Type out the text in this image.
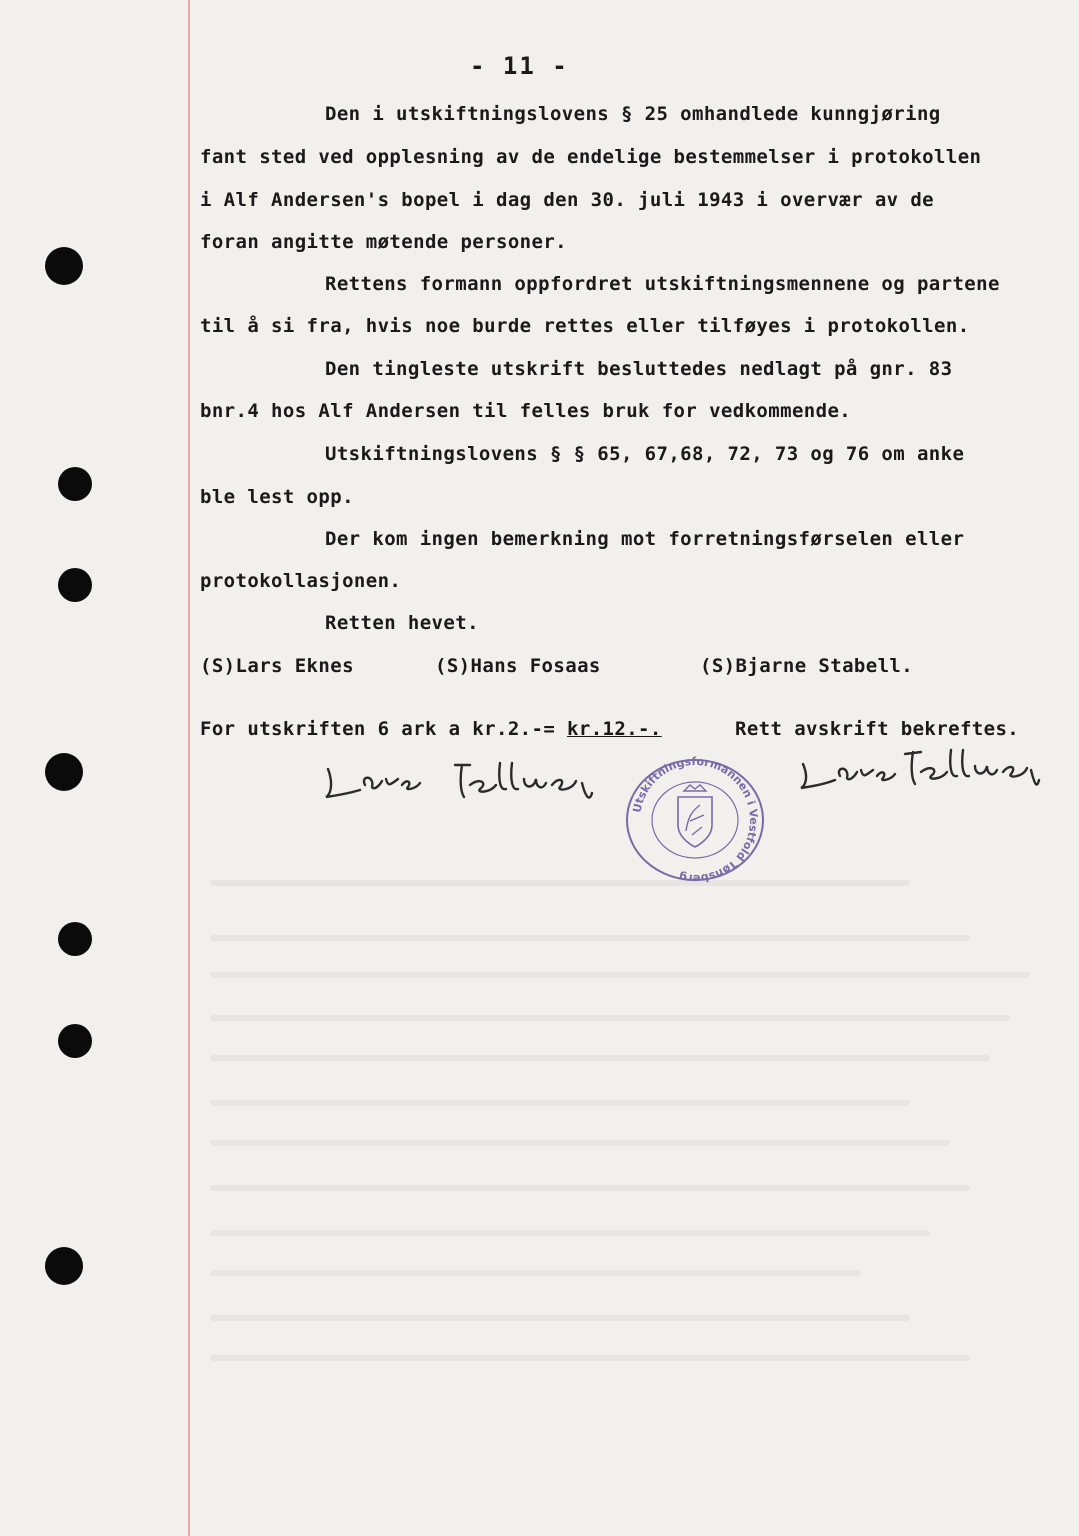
- 11 -
Den i utskiftningslovens § 25 omhandlede kunngjøring
fant sted ved opplesning av de endelige bestemmelser i protokollen
i Alf Andersen's bopel i dag den 30. juli 1943 i overvær av de
foran angitte møtende personer.
Rettens formann oppfordret utskiftningsmennene og partene
til å si fra, hvis noe burde rettes eller tilføyes i protokollen.
Den tingleste utskrift besluttedes nedlagt på gnr. 83
bnr.4 hos Alf Andersen til felles bruk for vedkommende.
Utskiftningslovens § § 65, 67,68, 72, 73 og 76 om anke
ble lest opp.
Der kom ingen bemerkning mot forretningsførselen eller
protokollasjonen.
Retten hevet.
(S)Lars Eknes	(S)Hans Fosaas	(S)Bjarne Stabell.
For utskriften 6 ark a kr.2.-= kr.12.-.	Rett avskrift bekreftes.
Lars Tellness
Lars Tellness
Utskiftningsformannen i Vestfold Tønsberg
